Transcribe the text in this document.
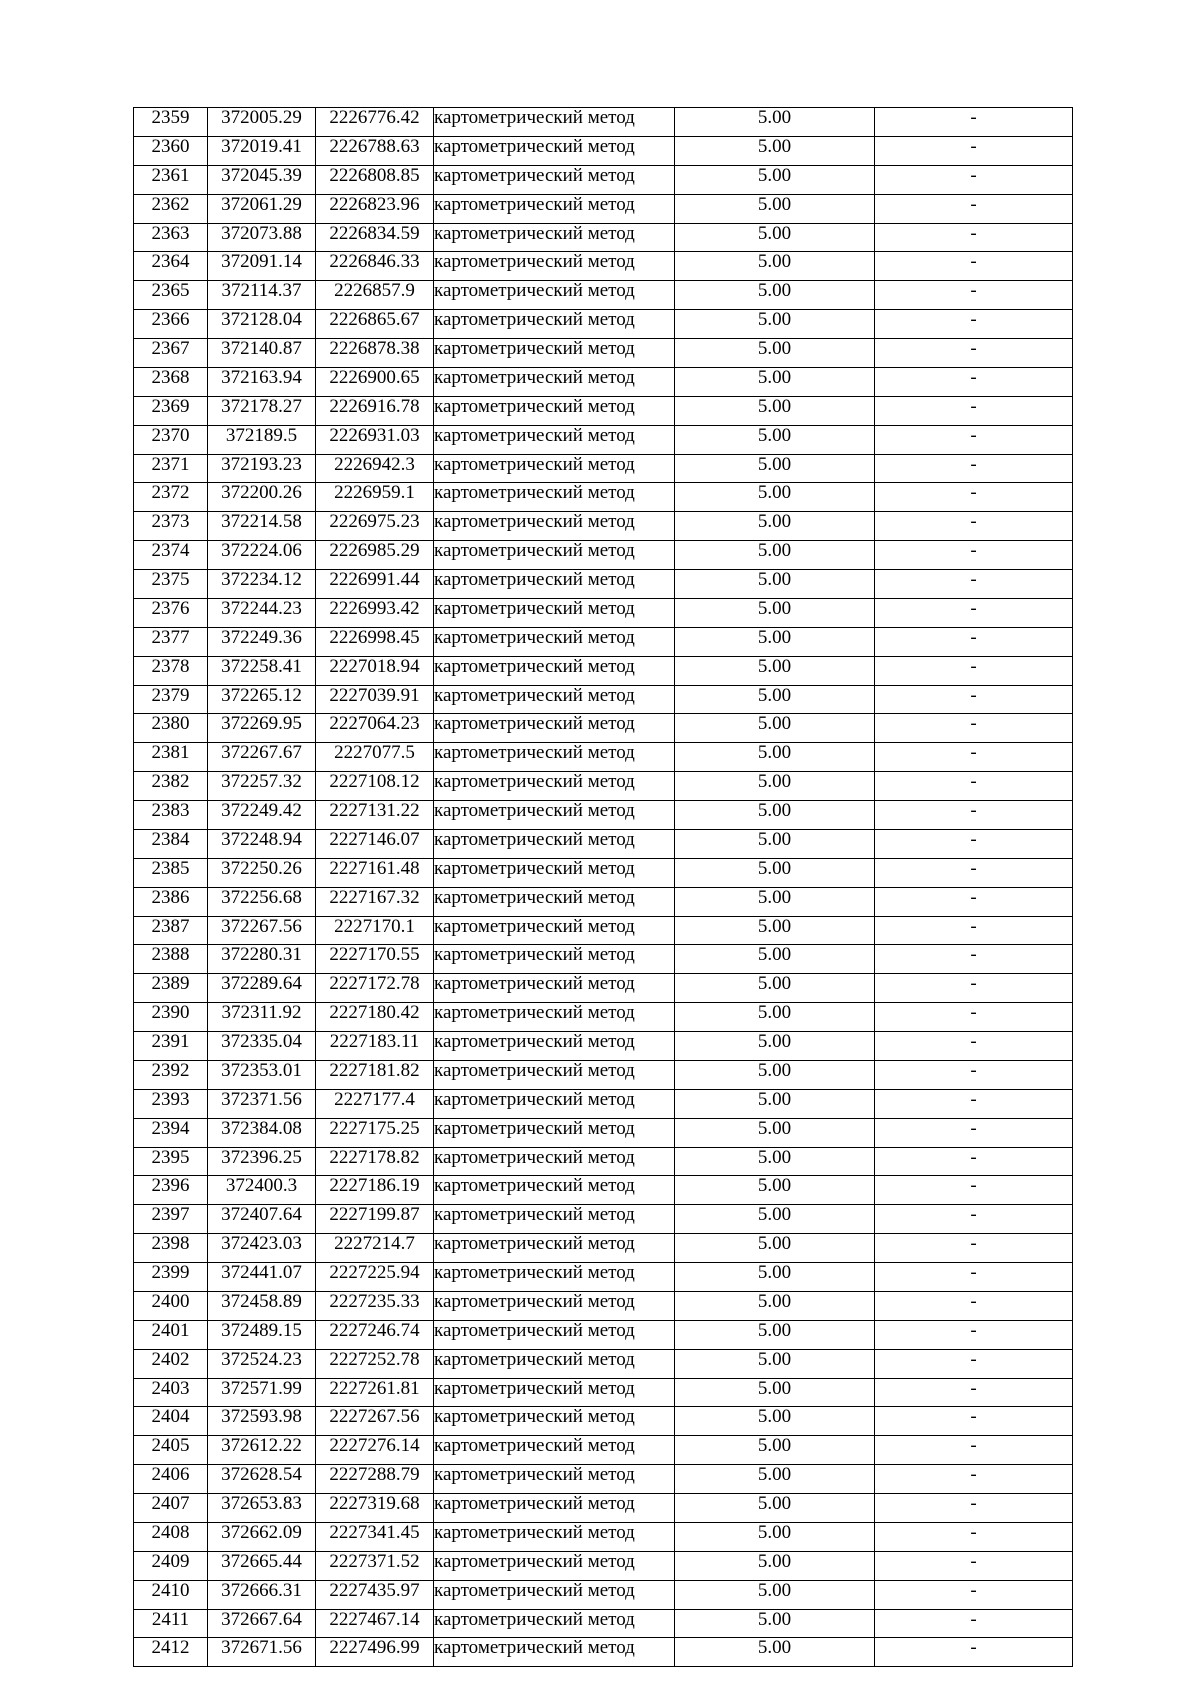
2359	372005.29	2226776.42	картометрический метод	5.00	-
2360	372019.41	2226788.63	картометрический метод	5.00	-
2361	372045.39	2226808.85	картометрический метод	5.00	-
2362	372061.29	2226823.96	картометрический метод	5.00	-
2363	372073.88	2226834.59	картометрический метод	5.00	-
2364	372091.14	2226846.33	картометрический метод	5.00	-
2365	372114.37	2226857.9	картометрический метод	5.00	-
2366	372128.04	2226865.67	картометрический метод	5.00	-
2367	372140.87	2226878.38	картометрический метод	5.00	-
2368	372163.94	2226900.65	картометрический метод	5.00	-
2369	372178.27	2226916.78	картометрический метод	5.00	-
2370	372189.5	2226931.03	картометрический метод	5.00	-
2371	372193.23	2226942.3	картометрический метод	5.00	-
2372	372200.26	2226959.1	картометрический метод	5.00	-
2373	372214.58	2226975.23	картометрический метод	5.00	-
2374	372224.06	2226985.29	картометрический метод	5.00	-
2375	372234.12	2226991.44	картометрический метод	5.00	-
2376	372244.23	2226993.42	картометрический метод	5.00	-
2377	372249.36	2226998.45	картометрический метод	5.00	-
2378	372258.41	2227018.94	картометрический метод	5.00	-
2379	372265.12	2227039.91	картометрический метод	5.00	-
2380	372269.95	2227064.23	картометрический метод	5.00	-
2381	372267.67	2227077.5	картометрический метод	5.00	-
2382	372257.32	2227108.12	картометрический метод	5.00	-
2383	372249.42	2227131.22	картометрический метод	5.00	-
2384	372248.94	2227146.07	картометрический метод	5.00	-
2385	372250.26	2227161.48	картометрический метод	5.00	-
2386	372256.68	2227167.32	картометрический метод	5.00	-
2387	372267.56	2227170.1	картометрический метод	5.00	-
2388	372280.31	2227170.55	картометрический метод	5.00	-
2389	372289.64	2227172.78	картометрический метод	5.00	-
2390	372311.92	2227180.42	картометрический метод	5.00	-
2391	372335.04	2227183.11	картометрический метод	5.00	-
2392	372353.01	2227181.82	картометрический метод	5.00	-
2393	372371.56	2227177.4	картометрический метод	5.00	-
2394	372384.08	2227175.25	картометрический метод	5.00	-
2395	372396.25	2227178.82	картометрический метод	5.00	-
2396	372400.3	2227186.19	картометрический метод	5.00	-
2397	372407.64	2227199.87	картометрический метод	5.00	-
2398	372423.03	2227214.7	картометрический метод	5.00	-
2399	372441.07	2227225.94	картометрический метод	5.00	-
2400	372458.89	2227235.33	картометрический метод	5.00	-
2401	372489.15	2227246.74	картометрический метод	5.00	-
2402	372524.23	2227252.78	картометрический метод	5.00	-
2403	372571.99	2227261.81	картометрический метод	5.00	-
2404	372593.98	2227267.56	картометрический метод	5.00	-
2405	372612.22	2227276.14	картометрический метод	5.00	-
2406	372628.54	2227288.79	картометрический метод	5.00	-
2407	372653.83	2227319.68	картометрический метод	5.00	-
2408	372662.09	2227341.45	картометрический метод	5.00	-
2409	372665.44	2227371.52	картометрический метод	5.00	-
2410	372666.31	2227435.97	картометрический метод	5.00	-
2411	372667.64	2227467.14	картометрический метод	5.00	-
2412	372671.56	2227496.99	картометрический метод	5.00	-
